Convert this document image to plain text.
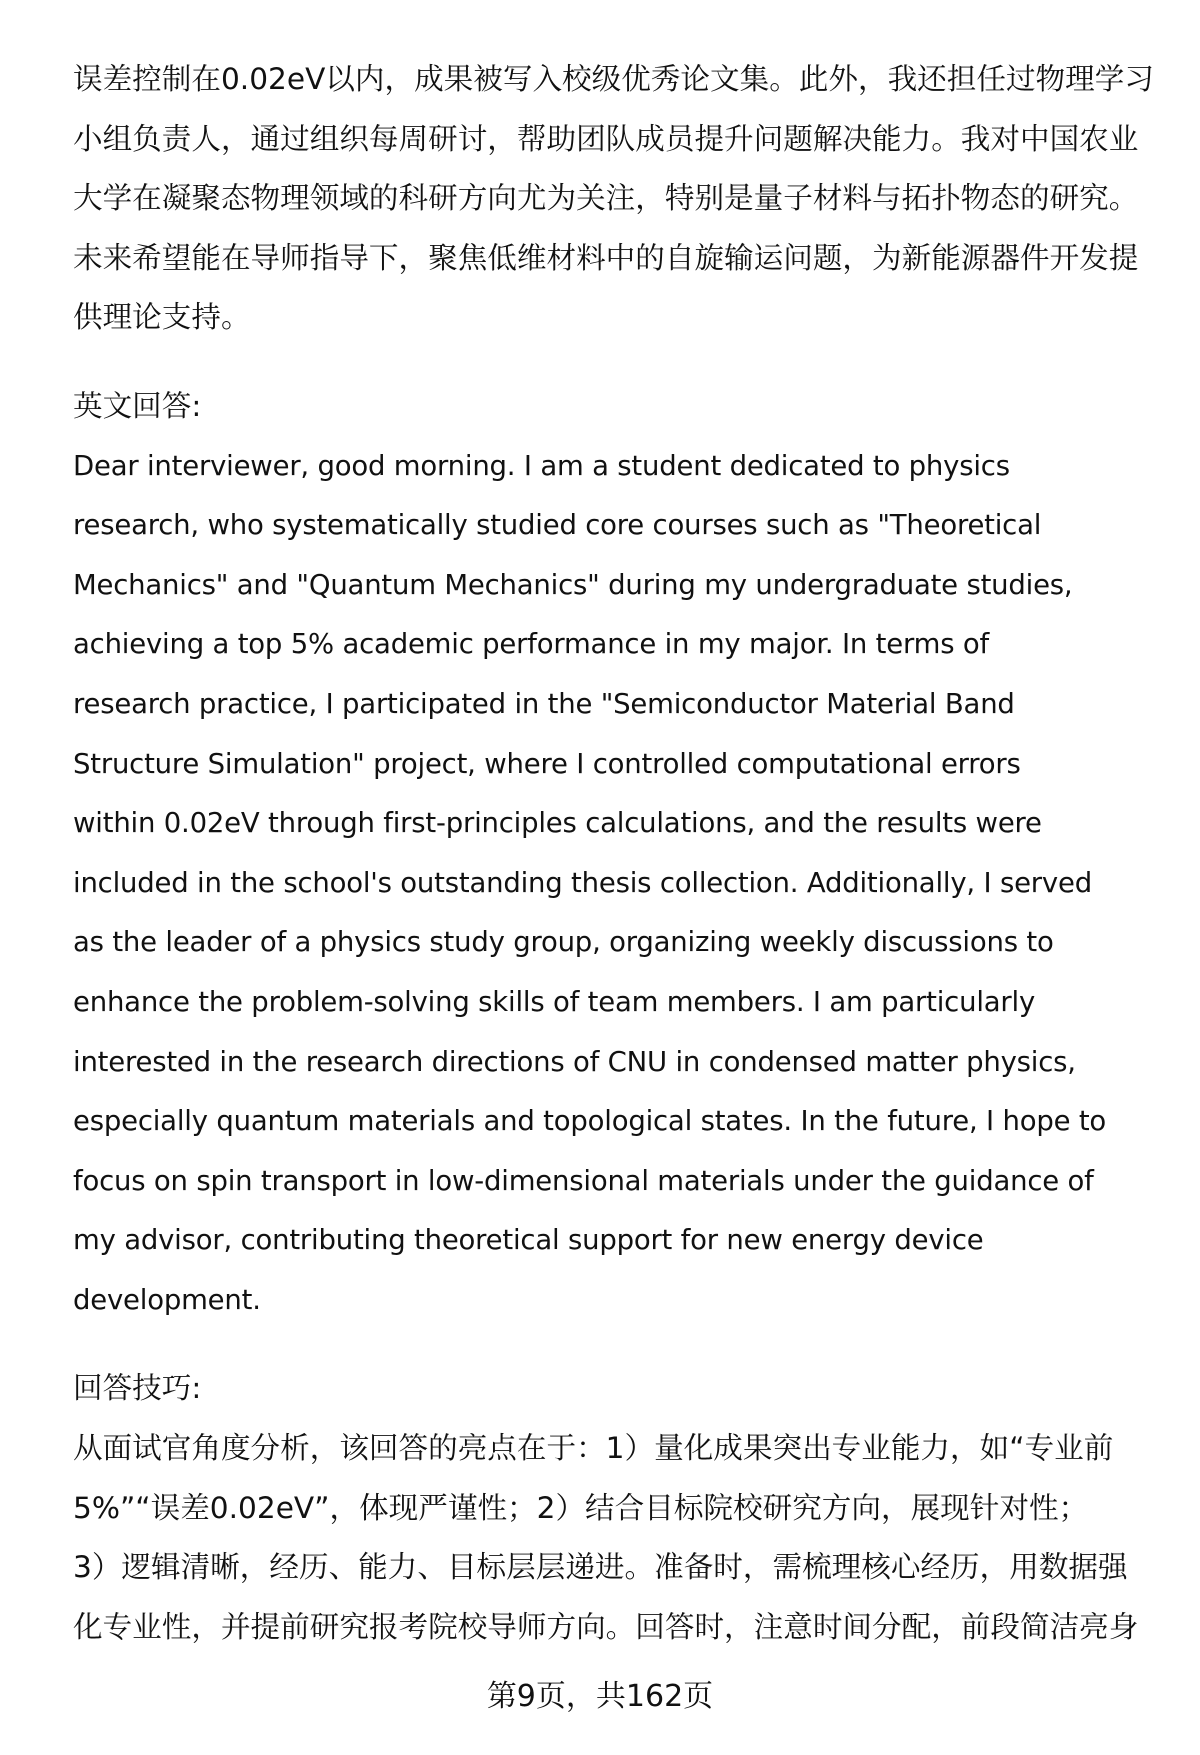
误差控制在0.02eV以内，成果被写入校级优秀论文集。此外，我还担任过物理学习
小组负责人，通过组织每周研讨，帮助团队成员提升问题解决能力。我对中国农业
大学在凝聚态物理领域的科研方向尤为关注，特别是量子材料与拓扑物态的研究。
未来希望能在导师指导下，聚焦低维材料中的自旋输运问题，为新能源器件开发提
供理论支持。
英文回答:
Dear interviewer, good morning. I am a student dedicated to physics
research, who systematically studied core courses such as "Theoretical
Mechanics" and "Quantum Mechanics" during my undergraduate studies,
achieving a top 5% academic performance in my major. In terms of
research practice, I participated in the "Semiconductor Material Band
Structure Simulation" project, where I controlled computational errors
within 0.02eV through first-principles calculations, and the results were
included in the school's outstanding thesis collection. Additionally, I served
as the leader of a physics study group, organizing weekly discussions to
enhance the problem-solving skills of team members. I am particularly
interested in the research directions of CNU in condensed matter physics,
especially quantum materials and topological states. In the future, I hope to
focus on spin transport in low-dimensional materials under the guidance of
my advisor, contributing theoretical support for new energy device
development.
回答技巧:
从面试官角度分析，该回答的亮点在于：1）量化成果突出专业能力，如“专业前
5%”“误差0.02eV”，体现严谨性；2）结合目标院校研究方向，展现针对性；
3）逻辑清晰，经历、能力、目标层层递进。准备时，需梳理核心经历，用数据强
化专业性，并提前研究报考院校导师方向。回答时，注意时间分配，前段简洁亮身
第9页，共162页
